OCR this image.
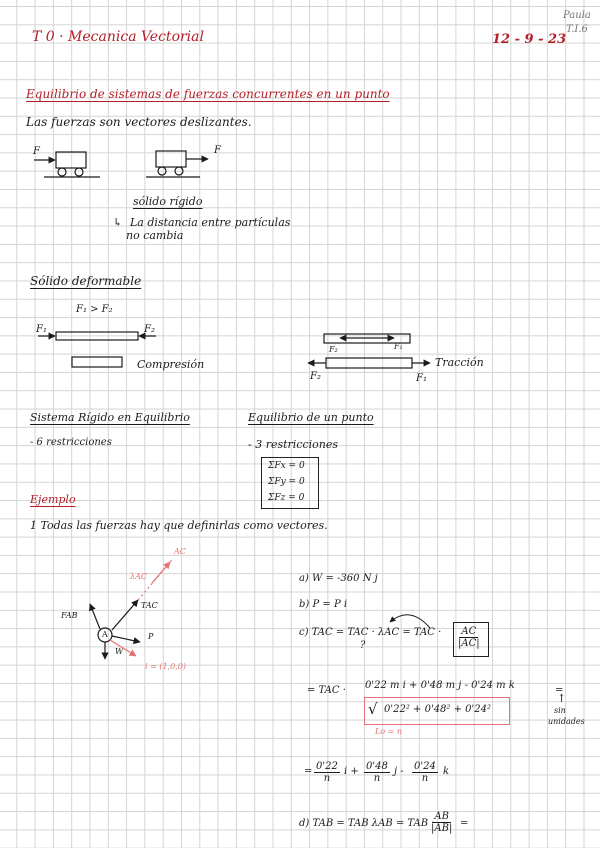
T 0 · Mecanica Vectorial	12 - 9 - 23
Paula
T.I.6
Equilibrio de sistemas de fuerzas concurrentes en un punto
Las fuerzas son vectores deslizantes.
F	F
sólido rígido
↳ La distancia entre partículas
no cambia
Sólido deformable
F₁ > F₂
F₁	F₂
Compresión
F₂	F₁
Tracción
F₂	F₁
Sistema Rígido en Equilibrio
- 6 restricciones
Equilibrio de un punto
- 3 restricciones
ΣFx = 0
ΣFy = 0
ΣFz = 0
Ejemplo
1 Todas las fuerzas hay que definirlas como vectores.
AC
λAC
TAC
FAB
A
W
P
i = (1,0,0)
a) W = -360 N j
b) P = P i
c) TAC = TAC · λAC = TAC ·
?	$\frac{AC}{|AC|}$
= TAC · 0'22 m i + 0'48 m j - 0'24 m k
√ 0'22² + 0'48² + 0'24²
=
Lo = n
↑
sin
unidades
= $\frac{0'22}{n}$ $i + \frac{0'48}{n}$ j - $\frac{0'24}{n}$ k
d) TAB = TAB λAB = TAB ·
$\frac{AB}{|AB|}$ =
